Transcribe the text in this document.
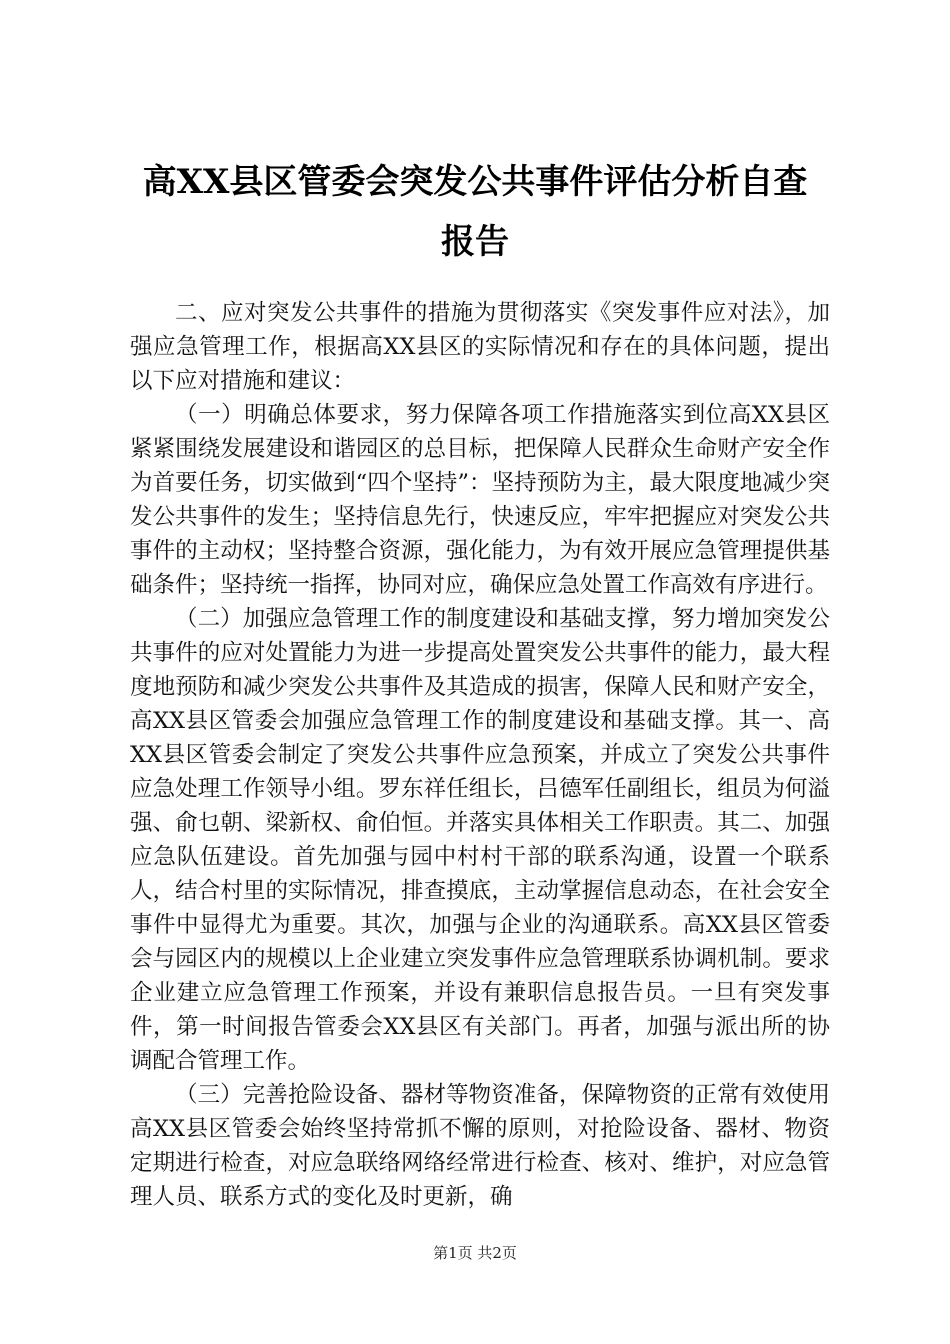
高XX县区管委会突发公共事件评估分析自查
报告

二、应对突发公共事件的措施为贯彻落实《突发事件应对法》，加强应急管理工作，根据高XX县区的实际情况和存在的具体问题，提出以下应对措施和建议：

（一）明确总体要求，努力保障各项工作措施落实到位高XX县区紧紧围绕发展建设和谐园区的总目标，把保障人民群众生命财产安全作为首要任务，切实做到“四个坚持”：坚持预防为主，最大限度地减少突发公共事件的发生；坚持信息先行，快速反应，牢牢把握应对突发公共事件的主动权；坚持整合资源，强化能力，为有效开展应急管理提供基础条件；坚持统一指挥，协同对应，确保应急处置工作高效有序进行。

（二）加强应急管理工作的制度建设和基础支撑，努力增加突发公共事件的应对处置能力为进一步提高处置突发公共事件的能力，最大程度地预防和减少突发公共事件及其造成的损害，保障人民和财产安全，高XX县区管委会加强应急管理工作的制度建设和基础支撑。其一、高XX县区管委会制定了突发公共事件应急预案，并成立了突发公共事件应急处理工作领导小组。罗东祥任组长，吕德军任副组长，组员为何溢强、俞乜朝、梁新权、俞伯恒。并落实具体相关工作职责。其二、加强应急队伍建设。首先加强与园中村村干部的联系沟通，设置一个联系人，结合村里的实际情况，排查摸底，主动掌握信息动态，在社会安全事件中显得尤为重要。其次，加强与企业的沟通联系。高XX县区管委会与园区内的规模以上企业建立突发事件应急管理联系协调机制。要求企业建立应急管理工作预案，并设有兼职信息报告员。一旦有突发事件，第一时间报告管委会XX县区有关部门。再者，加强与派出所的协调配合管理工作。

（三）完善抢险设备、器材等物资准备，保障物资的正常有效使用高XX县区管委会始终坚持常抓不懈的原则，对抢险设备、器材、物资定期进行检查，对应急联络网络经常进行检查、核对、维护，对应急管理人员、联系方式的变化及时更新，确

第1页 共2页
